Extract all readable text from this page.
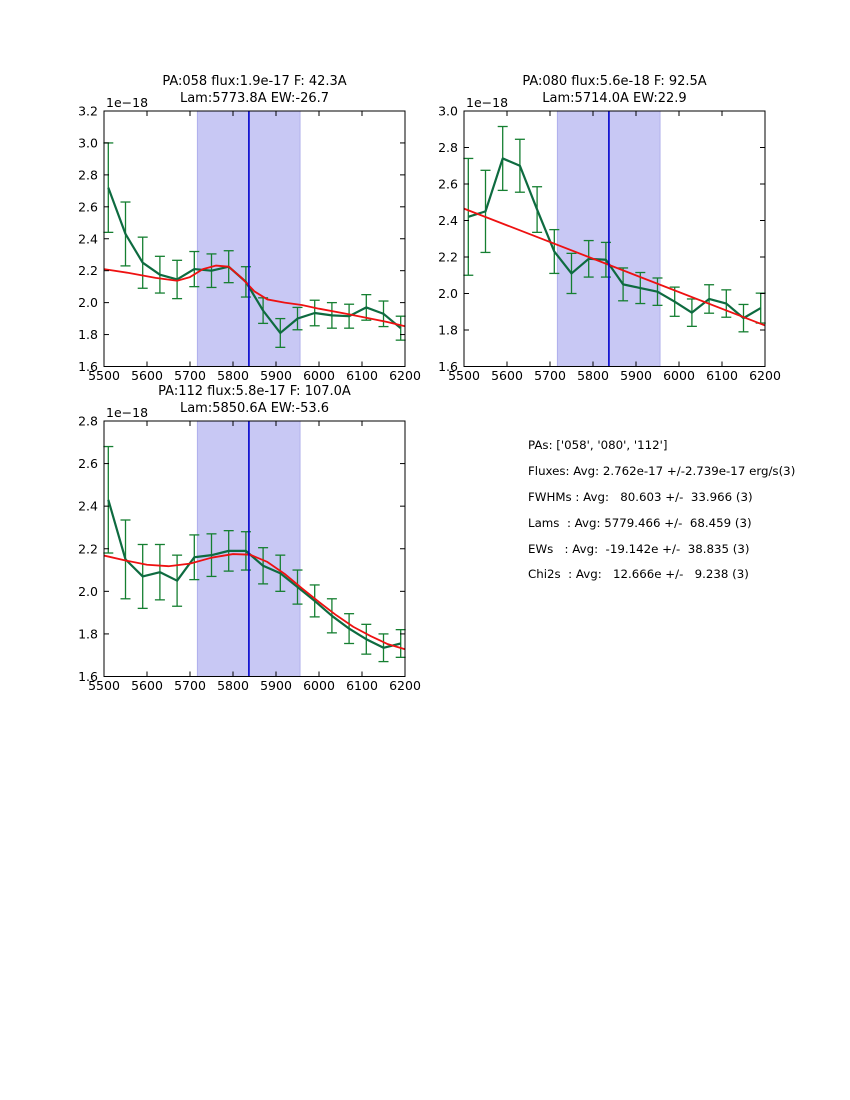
5500 5600 5700 5800 5900 6000 6100 6200
1.6
1.8
2.0
2.2
2.4
2.6
2.8
3.0
3.2
PA:058 flux:1.9e-17 F: 42.3A
Lam:5773.8A EW:-26.7
1e−18
5500 5600 5700 5800 5900 6000 6100 6200
1.6
1.8
2.0
2.2
2.4
2.6
2.8
3.0
PA:080 flux:5.6e-18 F: 92.5A
Lam:5714.0A EW:22.9
1e−18
5500 5600 5700 5800 5900 6000 6100 6200
1.6
1.8
2.0
2.2
2.4
2.6
2.8
PA:112 flux:5.8e-17 F: 107.0A
Lam:5850.6A EW:-53.6
1e−18
PAs: ['058', '080', '112']
Fluxes: Avg: 2.762e-17 +/-2.739e-17 erg/s(3)
FWHMs : Avg:   80.603 +/-  33.966 (3)
Lams  : Avg: 5779.466 +/-  68.459 (3)
EWs   : Avg:  -19.142e +/-  38.835 (3)
Chi2s  : Avg:   12.666e +/-   9.238 (3)
